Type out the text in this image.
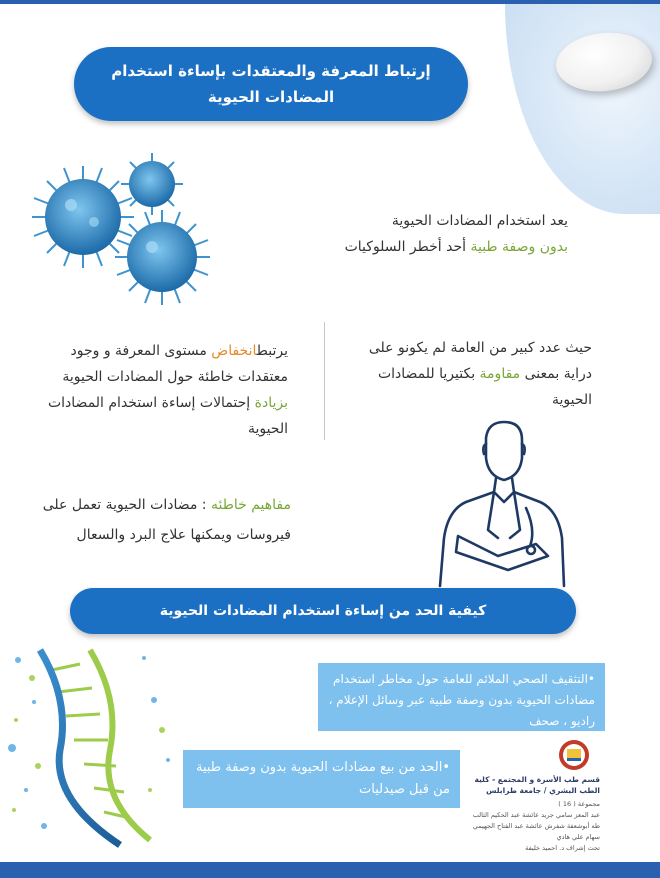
إرتباط المعرفة والمعتقدات بإساءة استخدام المضادات الحيوية
يعد استخدام المضادات الحيوية
بدون وصفة طبية أحد أخطر السلوكيات
يرتبطانخفاض مستوى المعرفة و وجود معتقدات خاطئة حول المضادات الحيوية بزيادة إحتمالات إساءة استخدام المضادات الحيوية
حيث عدد كبير من العامة لم يكونو على دراية بمعنى مقاومة بكتيريا للمضادات الحيوية
مفاهيم خاطئه : مضادات الحيوية تعمل على فيروسات ويمكنها علاج البرد والسعال
كيفية الحد من إساءة استخدام المضادات الحيوية
•التثقيف الصحي الملائم للعامة حول مخاطر استخدام مضادات الحيوية بدون وصفة طبية عبر وسائل الإعلام ، راديو ، صحف
•الحد من بيع مضادات الحيوية بدون وصفة طبية من قبل صيدليات
قسم طب الأسرة و المجتمع - كلية الطب البشري / جامعة طرابلس
مجموعة ( 16 )
عبد المعز سامي جريد عائشة عبد الحكيم الثالب
طه أبوشعفة شفرش عائشة عبد الفتاح الجهيمي
سهام علي هادي
تحت إشراف د. احميد خليفة
